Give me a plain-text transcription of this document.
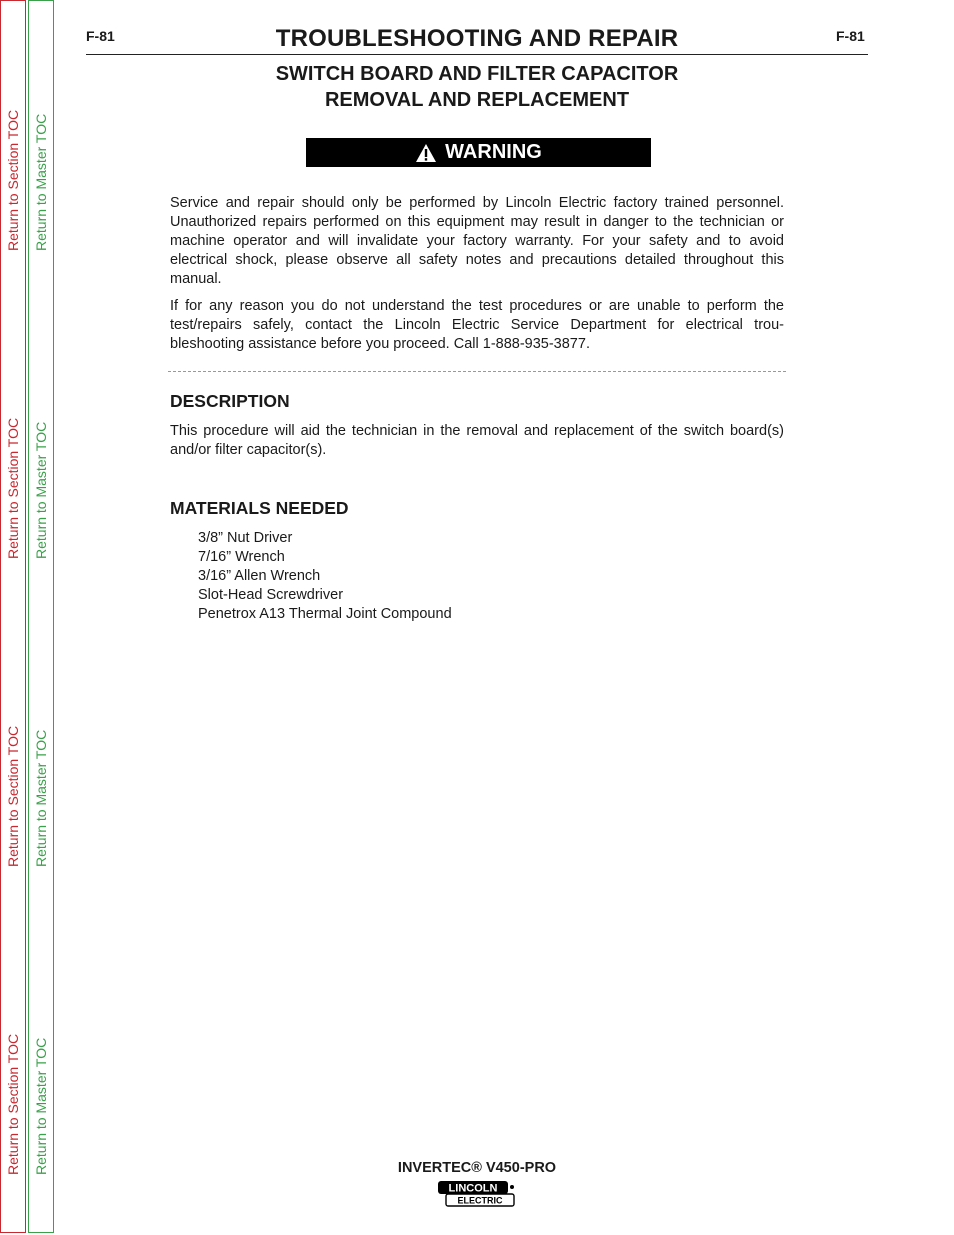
Return to Section TOC
Return to Section TOC
Return to Section TOC
Return to Section TOC
Return to Master TOC
Return to Master TOC
Return to Master TOC
Return to Master TOC
F-81	TROUBLESHOOTING AND REPAIR	F-81
SWITCH BOARD AND FILTER CAPACITOR
REMOVAL AND REPLACEMENT
WARNING

Service and repair should only be performed by Lincoln Electric factory trained personnel. Unauthorized repairs performed on this equipment may result in danger to the technician or machine operator and will invalidate your factory warranty. For your safety and to avoid electrical shock, please observe all safety notes and precautions detailed throughout this manual.

If for any reason you do not understand the test procedures or are unable to perform the test/repairs safely, contact the Lincoln Electric Service Department for electrical trou-bleshooting assistance before you proceed. Call 1-888-935-3877.

DESCRIPTION

This procedure will aid the technician in the removal and replacement of the switch board(s) and/or filter capacitor(s).

MATERIALS NEEDED
3/8” Nut Driver
7/16” Wrench
3/16” Allen Wrench
Slot-Head Screwdriver
Penetrox A13 Thermal Joint Compound
INVERTEC® V450-PRO
LINCOLN
ELECTRIC
